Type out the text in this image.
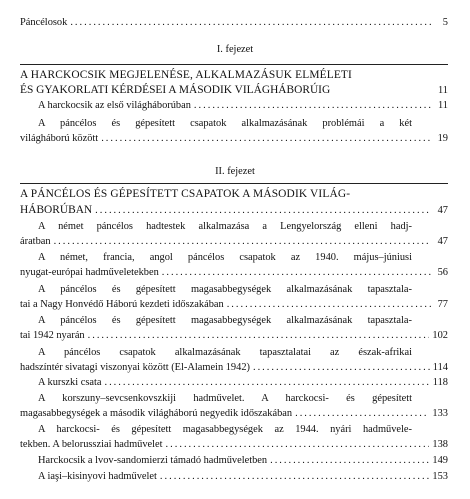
Páncélosok .....	5
I. fejezet
A HARCKOCSIK MEGJELENÉSE, ALKALMAZÁSUK ELMÉLETI
ÉS GYAKORLATI KÉRDÉSEI A MÁSODIK VILÁGHÁBORÚIG	11
A harckocsik az első világháborúban .....	11
A páncélos és gépesített csapatok alkalmazásának problémái a két
világháború között .....	19
II. fejezet
A PÁNCÉLOS ÉS GÉPESÍTETT CSAPATOK A MÁSODIK VILÁG-
HÁBORÚBAN .....	47
A német páncélos hadtestek alkalmazása a Lengyelország elleni hadj-
áratban .....	47
A német, francia, angol páncélos csapatok az 1940. május–júniusi
nyugat-európai hadműveletekben .....	56
A páncélos és gépesített magasabbegységek alkalmazásának tapasztala-
tai a Nagy Honvédő Háború kezdeti időszakában .....	77
A páncélos és gépesített magasabbegységek alkalmazásának tapasztala-
tai 1942 nyarán .....	102
A páncélos csapatok alkalmazásának tapasztalatai az észak-afrikai
hadszíntér sivatagi viszonyai között (El-Alamein 1942) .....	114
A kurszki csata .....	118
A korszuny–sevcsenkovszkiji hadművelet. A harckocsi- és gépesített
magasabbegységek a második világháború negyedik időszakában .....	133
A harckocsi- és gépesített magasabbegységek az 1944. nyári hadművele-
tekben. A belorussziai hadművelet .....	138
Harckocsik a lvov-sandomierzi támadó hadműveletben .....	149
A iaşi–kisinyovi hadművelet .....	153
